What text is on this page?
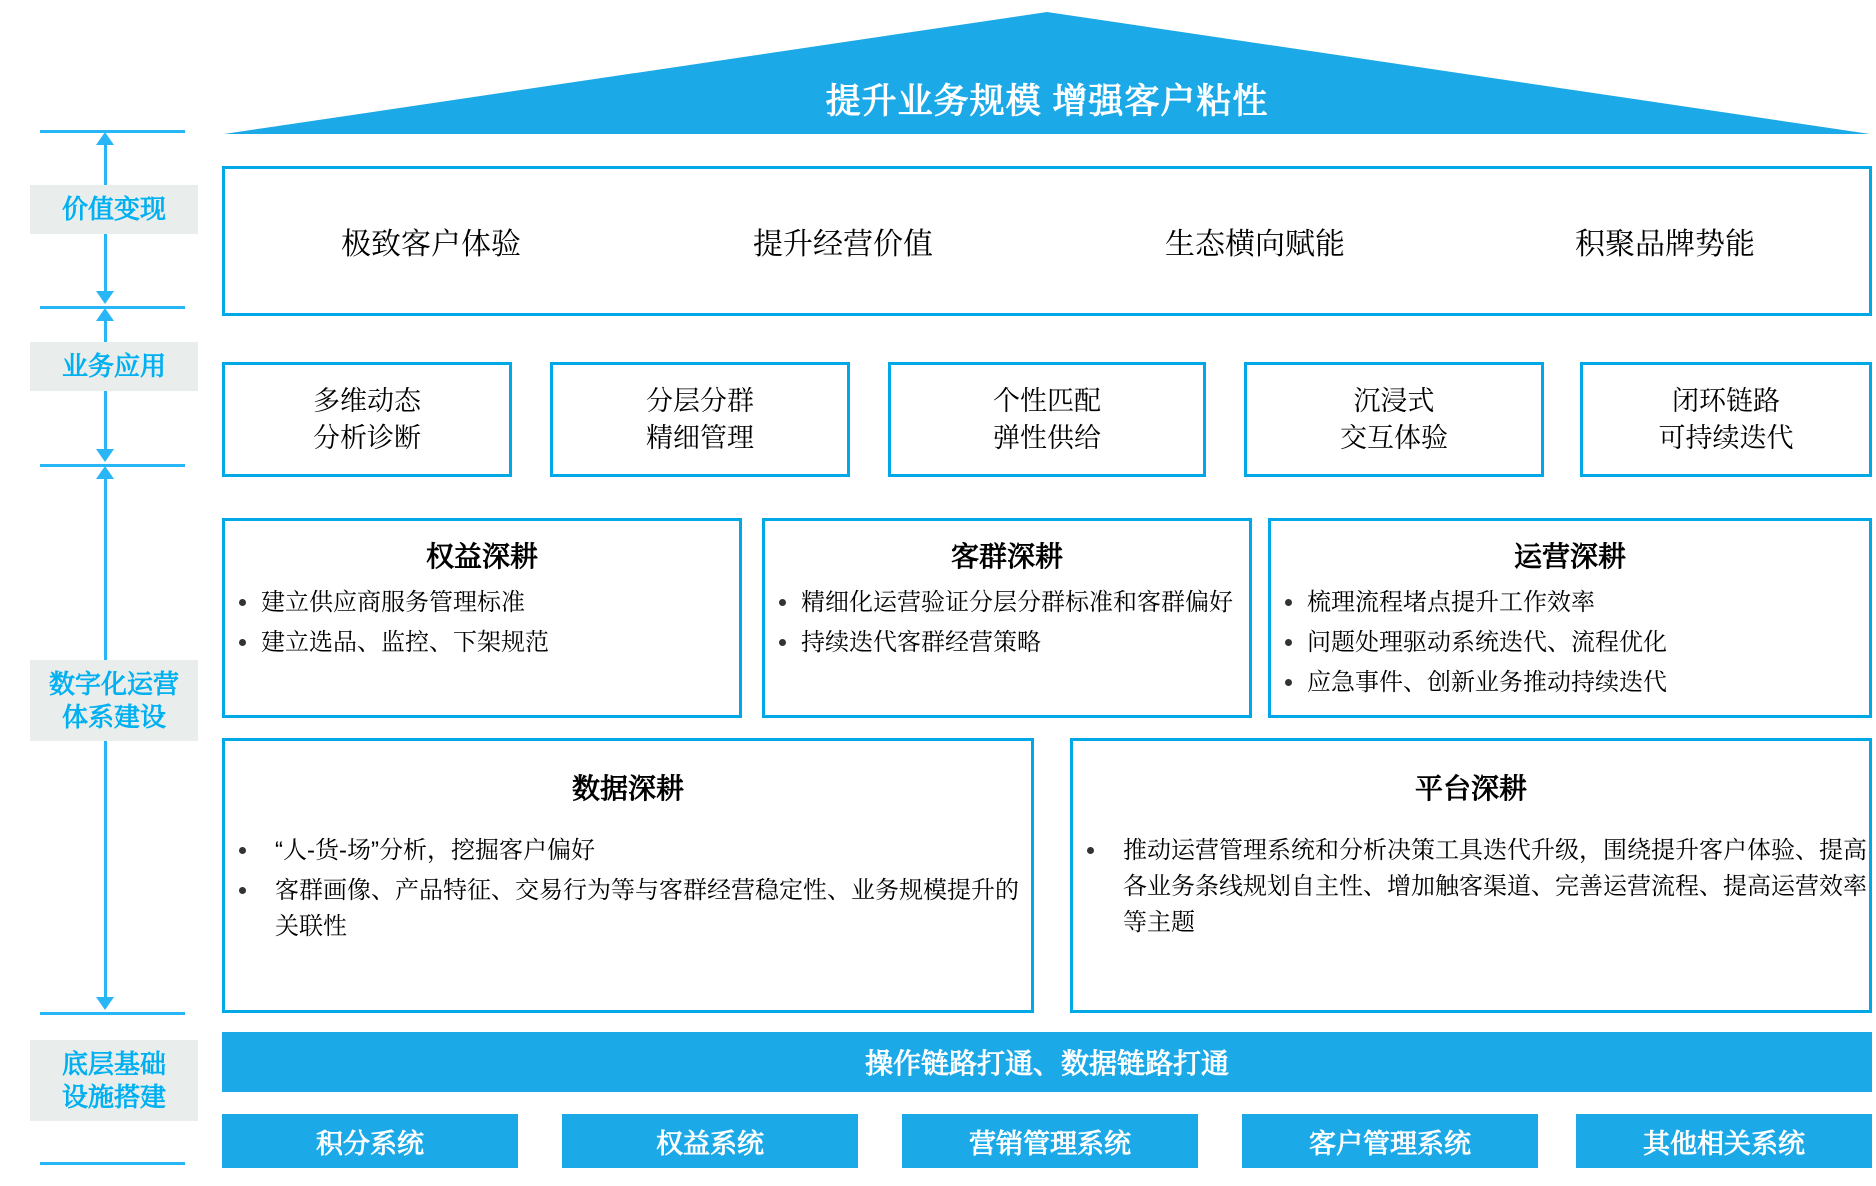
提升业务规模 增强客户粘性
价值变现
业务应用
数字化运营
体系建设
底层基础
设施搭建
极致客户体验	提升经营价值	生态横向赋能	积聚品牌势能
多维动态
分析诊断
分层分群
精细管理
个性匹配
弹性供给
沉浸式
交互体验
闭环链路
可持续迭代
权益深耕
建立供应商服务管理标准
建立选品、监控、下架规范
客群深耕
精细化运营验证分层分群标准和客群偏好
持续迭代客群经营策略
运营深耕
梳理流程堵点提升工作效率
问题处理驱动系统迭代、流程优化
应急事件、创新业务推动持续迭代
数据深耕
“人-货-场”分析，挖掘客户偏好
客群画像、产品特征、交易行为等与客群经营稳定性、业务规模提升的关联性
平台深耕
推动运营管理系统和分析决策工具迭代升级，围绕提升客户体验、提高各业务条线规划自主性、增加触客渠道、完善运营流程、提高运营效率等主题
操作链路打通、数据链路打通
积分系统	权益系统	营销管理系统	客户管理系统	其他相关系统
